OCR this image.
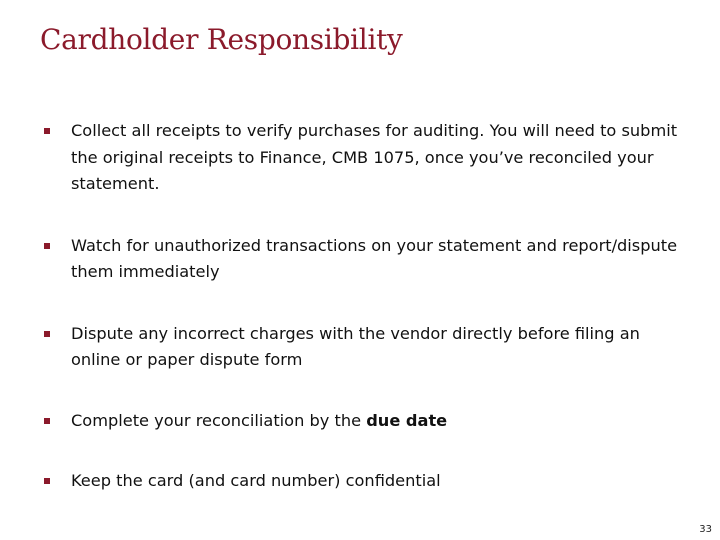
Cardholder Responsibility
Collect all receipts to verify purchases for auditing. You will need to submit the original receipts to Finance, CMB 1075, once you’ve reconciled your statement.
Watch for unauthorized transactions on your statement and report/dispute them immediately
Dispute any incorrect charges with the vendor directly before filing an online or paper dispute form
Complete your reconciliation by the due date
Keep the card (and card number) confidential
33
